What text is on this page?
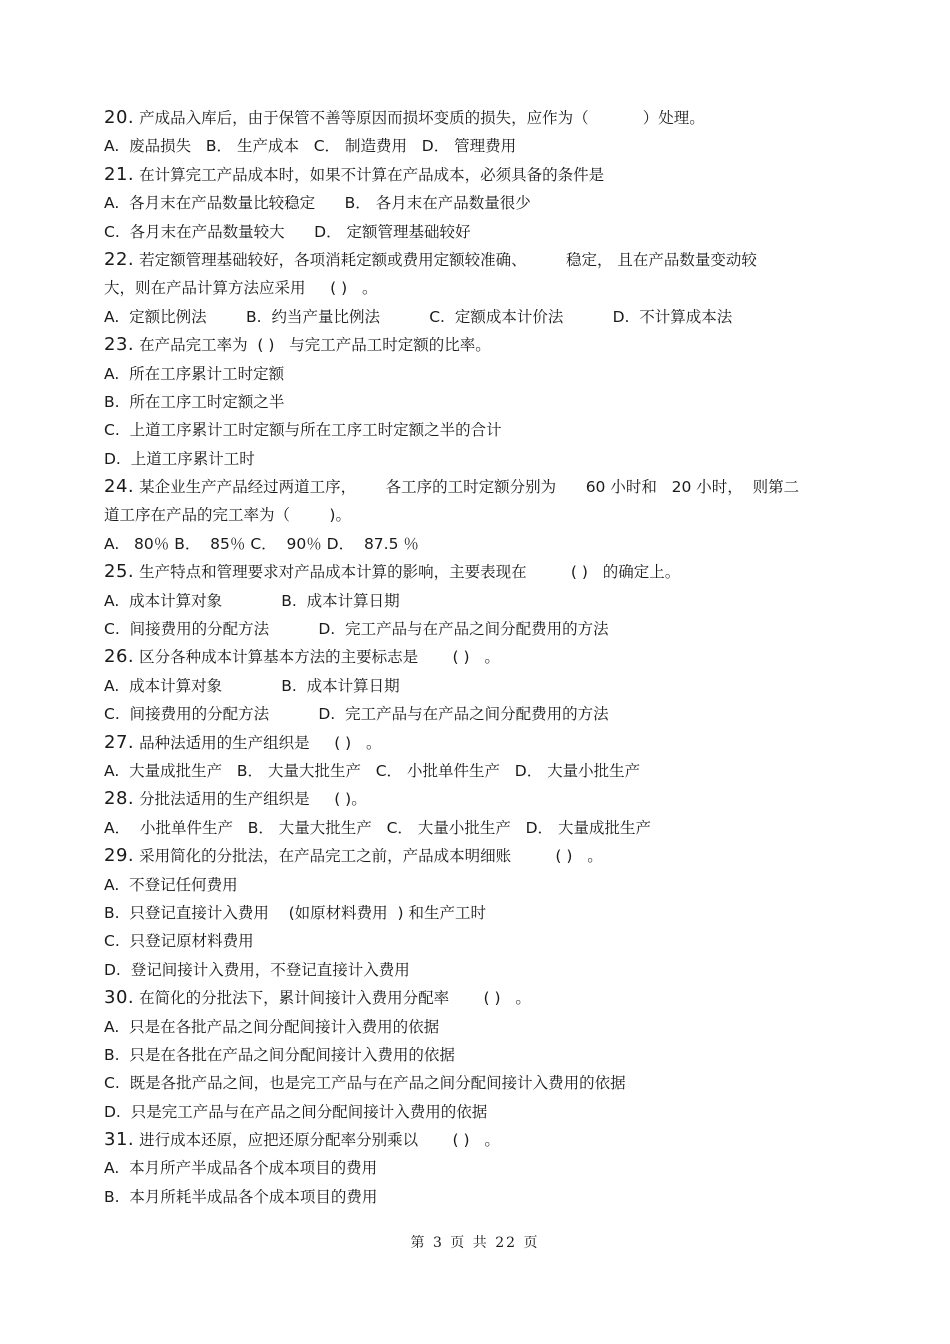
20. 产成品入库后，由于保管不善等原因而损坏变质的损失，应作为（           ）处理。
A.  废品损失   B． 生产成本   C． 制造费用   D． 管理费用
21. 在计算完工产品成本时，如果不计算在产品成本，必须具备的条件是
A.  各月末在产品数量比较稳定      B． 各月末在产品数量很少
C.  各月末在产品数量较大      D． 定额管理基础较好
22. 若定额管理基础较好，各项消耗定额或费用定额较准确、        稳定， 且在产品数量变动较
大，则在产品计算方法应采用     ( )   。
A.  定额比例法        B.  约当产量比例法          C.  定额成本计价法          D.  不计算成本法
23. 在产品完工率为  ( )   与完工产品工时定额的比率。
A.  所在工序累计工时定额
B.  所在工序工时定额之半
C.  上道工序累计工时定额与所在工序工时定额之半的合计
D.  上道工序累计工时
24. 某企业生产产品经过两道工序，      各工序的工时定额分别为      60 小时和   20 小时，  则第二
道工序在产品的完工率为（        )。
A.   80％ B．  85％ C．  90％ D．  87.5 ％
25. 生产特点和管理要求对产品成本计算的影响，主要表现在         ( )   的确定上。
A.  成本计算对象            B.  成本计算日期
C.  间接费用的分配方法          D.  完工产品与在产品之间分配费用的方法
26. 区分各种成本计算基本方法的主要标志是       ( )   。
A.  成本计算对象            B.  成本计算日期
C.  间接费用的分配方法          D.  完工产品与在产品之间分配费用的方法
27. 品种法适用的生产组织是     ( )   。
A.  大量成批生产   B． 大量大批生产   C． 小批单件生产   D． 大量小批生产
28. 分批法适用的生产组织是     ( )。
A．  小批单件生产   B． 大量大批生产   C． 大量小批生产   D． 大量成批生产
29. 采用简化的分批法，在产品完工之前，产品成本明细账         ( )   。
A.  不登记任何费用
B.  只登记直接计入费用    (如原材料费用  ) 和生产工时
C.  只登记原材料费用
D.  登记间接计入费用，不登记直接计入费用
30. 在简化的分批法下，累计间接计入费用分配率       ( )   。
A.  只是在各批产品之间分配间接计入费用的依据
B.  只是在各批在产品之间分配间接计入费用的依据
C.  既是各批产品之间，也是完工产品与在产品之间分配间接计入费用的依据
D.  只是完工产品与在产品之间分配间接计入费用的依据
31. 进行成本还原，应把还原分配率分别乘以       ( )   。
A.  本月所产半成品各个成本项目的费用
B.  本月所耗半成品各个成本项目的费用
第 3 页 共 22 页
